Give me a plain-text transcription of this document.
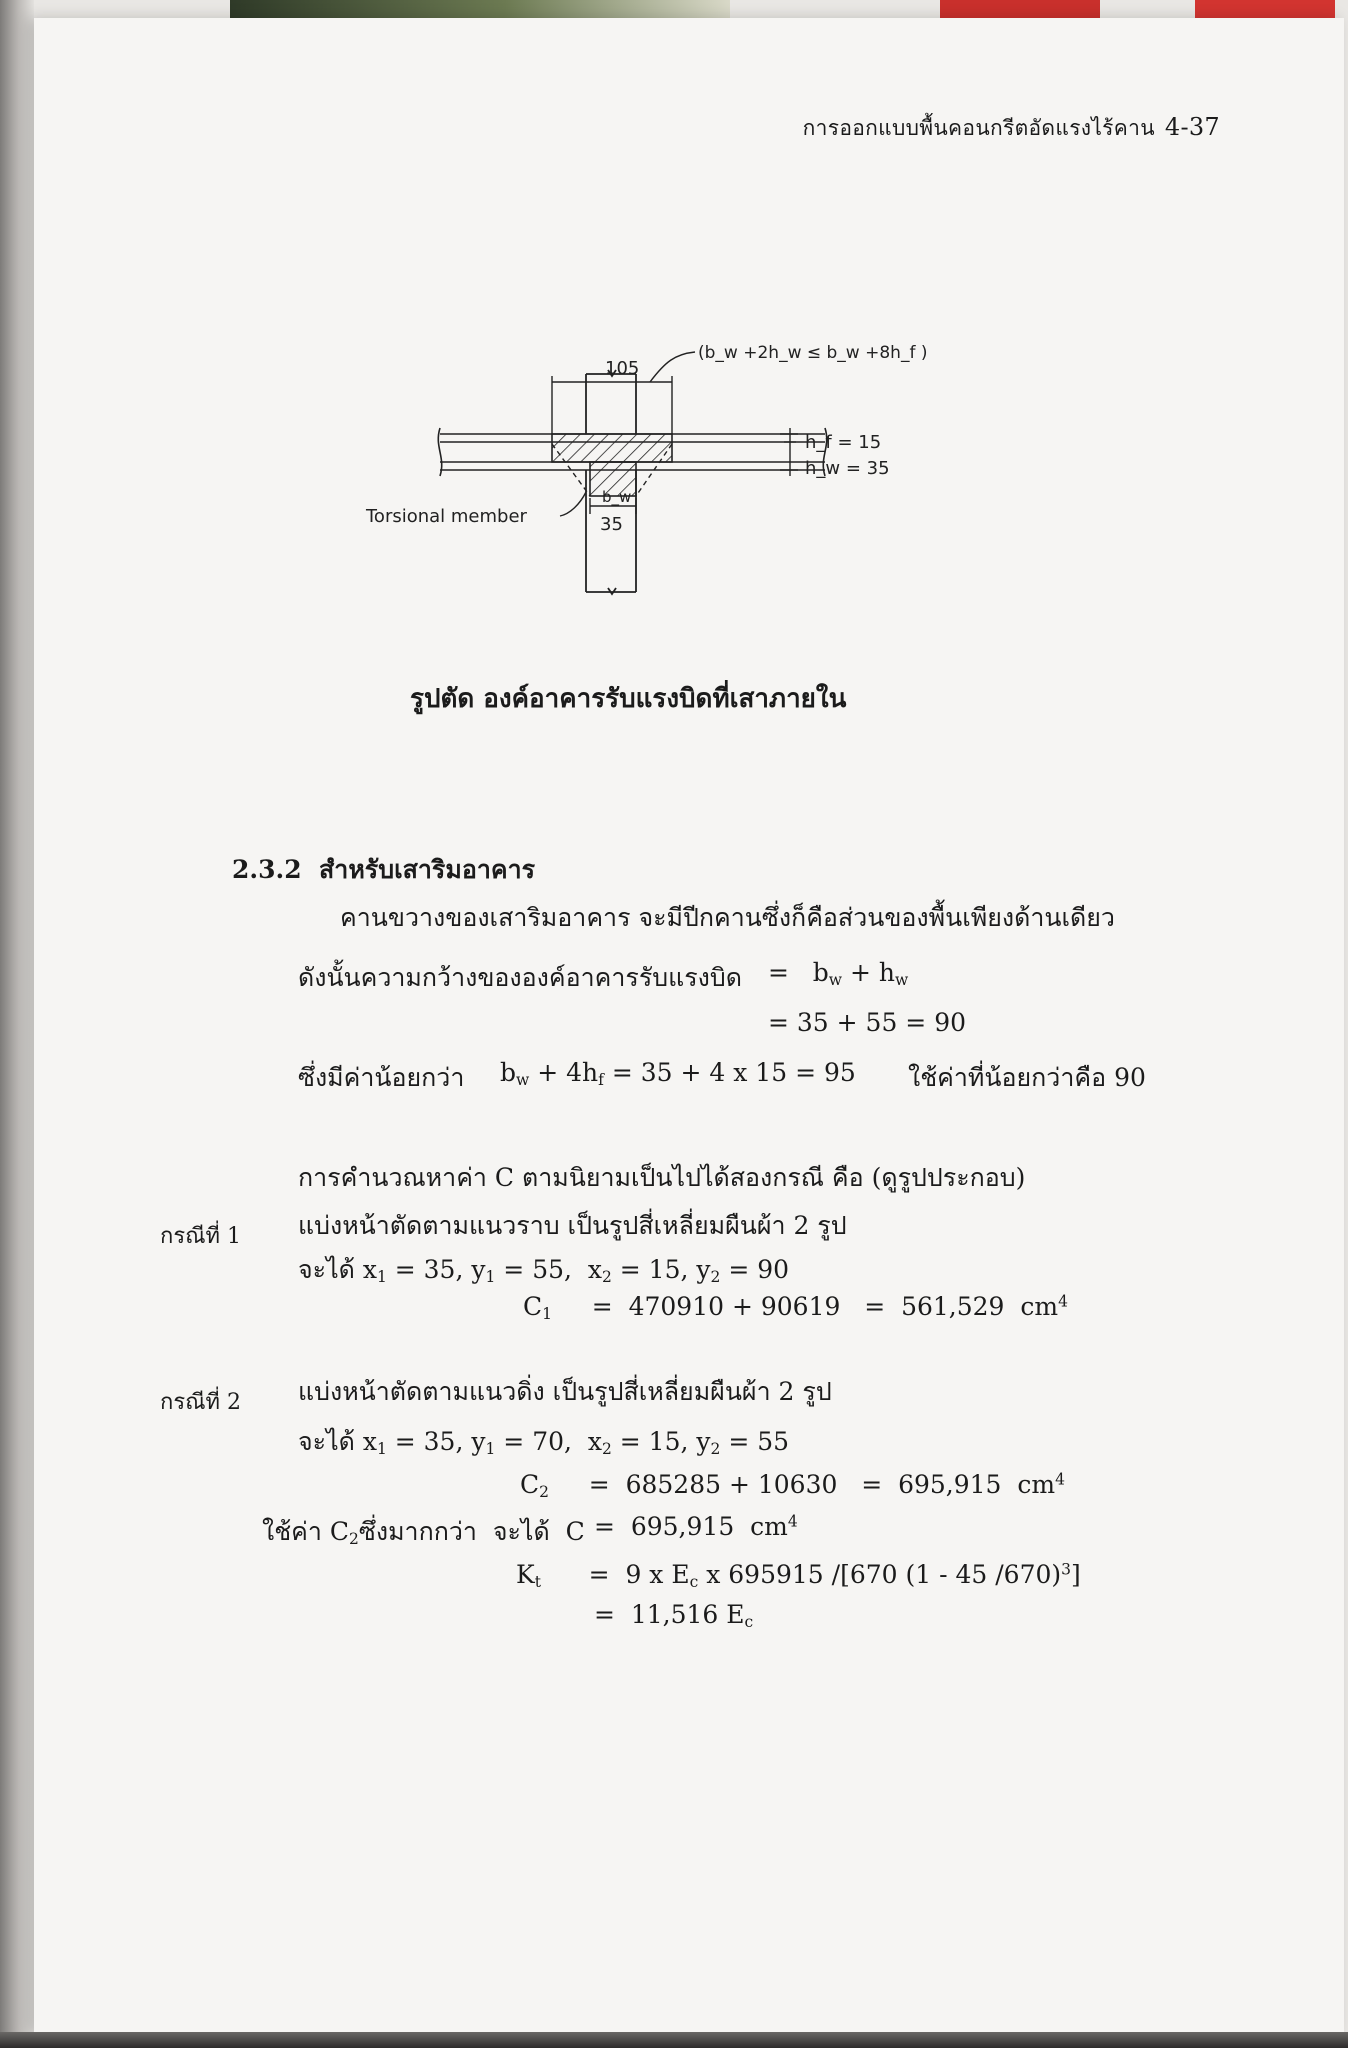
การออกแบบพื้นคอนกรีตอัดแรงไร้คาน 4-37
105
(b_w +2h_w ≤ b_w +8h_f )
h_f = 15
h_w = 35
b_w
35
Torsional member
รูปตัด องค์อาคารรับแรงบิดที่เสาภายใน
2.3.2 สำหรับเสาริมอาคาร
คานขวางของเสาริมอาคาร จะมีปีกคานซึ่งก็คือส่วนของพื้นเพียงด้านเดียว
ดังนั้นความกว้างขององค์อาคารรับแรงบิด =   $b_w + h_w$
= 35 + 55 = 90
ซึ่งมีค่าน้อยกว่า $b_w + 4h_f = 35 + 4$ x 15 = 95 ใช้ค่าที่น้อยกว่าคือ 90
การคำนวณหาค่า C ตามนิยามเป็นไปได้สองกรณี คือ (ดูรูปประกอบ)
กรณีที่ 1 แบ่งหน้าตัดตามแนวราบ เป็นรูปสี่เหลี่ยมผืนผ้า 2 รูป
จะได้ $x_1 = 35$, $y_1 = 55$,  $x_2 = 15$, $y_2 = 90$
$C_1$     =  470910 + 90619   =  561,529  $cm^4$
กรณีที่ 2 แบ่งหน้าตัดตามแนวดิ่ง เป็นรูปสี่เหลี่ยมผืนผ้า 2 รูป
จะได้ $x_1 = 35$, $y_1 = 70$,  $x_2 = 15$, $y_2 = 55$
$C_2$     =  685285 + 10630   =  695,915  $cm^4$
ใช้ค่า $C_2$ซึ่งมากกว่า  จะได้  C =  695,915  $cm^4$
$K_t$      =  9 x $E_c$ x 695915 /[670 (1 - 45 /670)$^3$]
=  11,516 $E_c$
